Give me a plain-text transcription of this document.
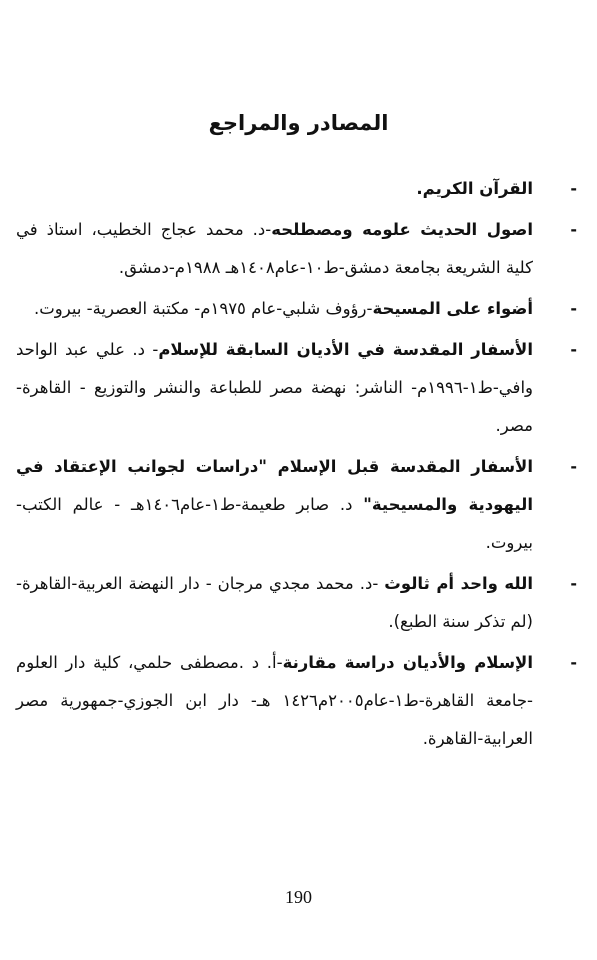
المصادر والمراجع
-
القرآن الكريم.
-
اصول الحديث علومه ومصطلحه-د. محمد عجاج الخطيب، استاذ في كلية الشريعة بجامعة دمشق-ط١٠-عام١٤٠٨هـ ١٩٨٨م-دمشق.
-
أضواء على المسيحة-رؤوف شلبي-عام ١٩٧٥م- مكتبة العصرية- بيروت.
-
الأسفار المقدسة في الأديان السابقة للإسلام- د. علي عبد الواحد وافي-ط١-١٩٩٦م- الناشر: نهضة مصر للطباعة والنشر والتوزيع - القاهرة-مصر.
-
الأسفار المقدسة قبل الإسلام "دراسات لجوانب الإعتقاد في اليهودية والمسيحية" د. صابر طعيمة-ط١-عام١٤٠٦هـ - عالم الكتب-بيروت.
-
الله واحد أم ثالوث -د. محمد مجدي مرجان - دار النهضة العربية-القاهرة-(لم تذكر سنة الطبع).
-
الإسلام والأديان دراسة مقارنة-أ. د .مصطفى حلمي، كلية دار العلوم -جامعة القاهرة-ط١-عام٢٠٠٥م١٤٢٦ هـ- دار ابن الجوزي-جمهورية مصر العرابية-القاهرة.
190
